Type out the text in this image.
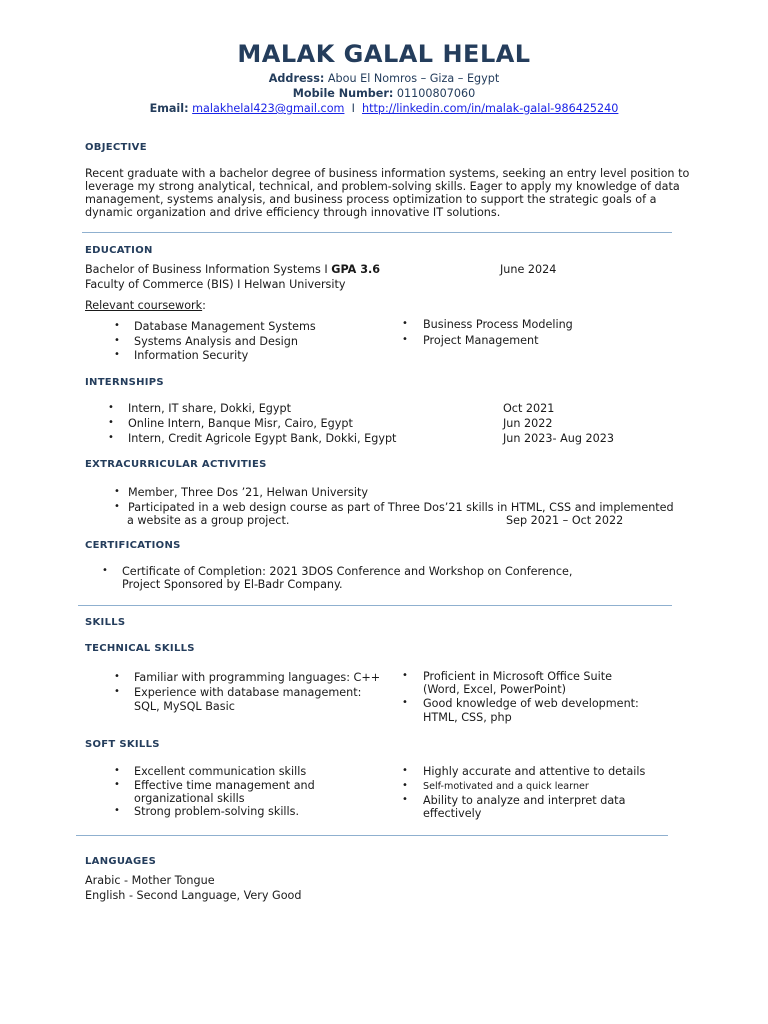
MALAK GALAL HELAL
Address: Abou El Nomros – Giza – Egypt
Mobile Number: 01100807060
Email: malakhelal423@gmail.com I http://linkedin.com/in/malak-galal-986425240
OBJECTIVE
Recent graduate with a bachelor degree of business information systems, seeking an entry level position to leverage my strong analytical, technical, and problem-solving skills. Eager to apply my knowledge of data management, systems analysis, and business process optimization to support the strategic goals of a dynamic organization and drive efficiency through innovative IT solutions.
EDUCATION
Bachelor of Business Information Systems I GPA 3.6	June 2024
Faculty of Commerce (BIS) I Helwan University
Relevant coursework:
• Database Management Systems
• Systems Analysis and Design
• Information Security
• Business Process Modeling
• Project Management
INTERNSHIPS
• Intern, IT share, Dokki, Egypt	Oct 2021
• Online Intern, Banque Misr, Cairo, Egypt	Jun 2022
• Intern, Credit Agricole Egypt Bank, Dokki, Egypt	Jun 2023- Aug 2023
EXTRACURRICULAR ACTIVITIES
• Member, Three Dos ’21, Helwan University
• Participated in a web design course as part of Three Dos’21 skills in HTML, CSS and implemented
a website as a group project.	Sep 2021 – Oct 2022
CERTIFICATIONS
• Certificate of Completion: 2021 3DOS Conference and Workshop on Conference,
Project Sponsored by El-Badr Company.
SKILLS
TECHNICAL SKILLS
• Familiar with programming languages: C++
• Experience with database management:
SQL, MySQL Basic
• Proficient in Microsoft Office Suite
(Word, Excel, PowerPoint)
• Good knowledge of web development:
HTML, CSS, php
SOFT SKILLS
• Excellent communication skills
• Effective time management and
organizational skills
• Strong problem-solving skills.
• Highly accurate and attentive to details
• Self-motivated and a quick learner
• Ability to analyze and interpret data
effectively
LANGUAGES
Arabic - Mother Tongue
English - Second Language, Very Good
